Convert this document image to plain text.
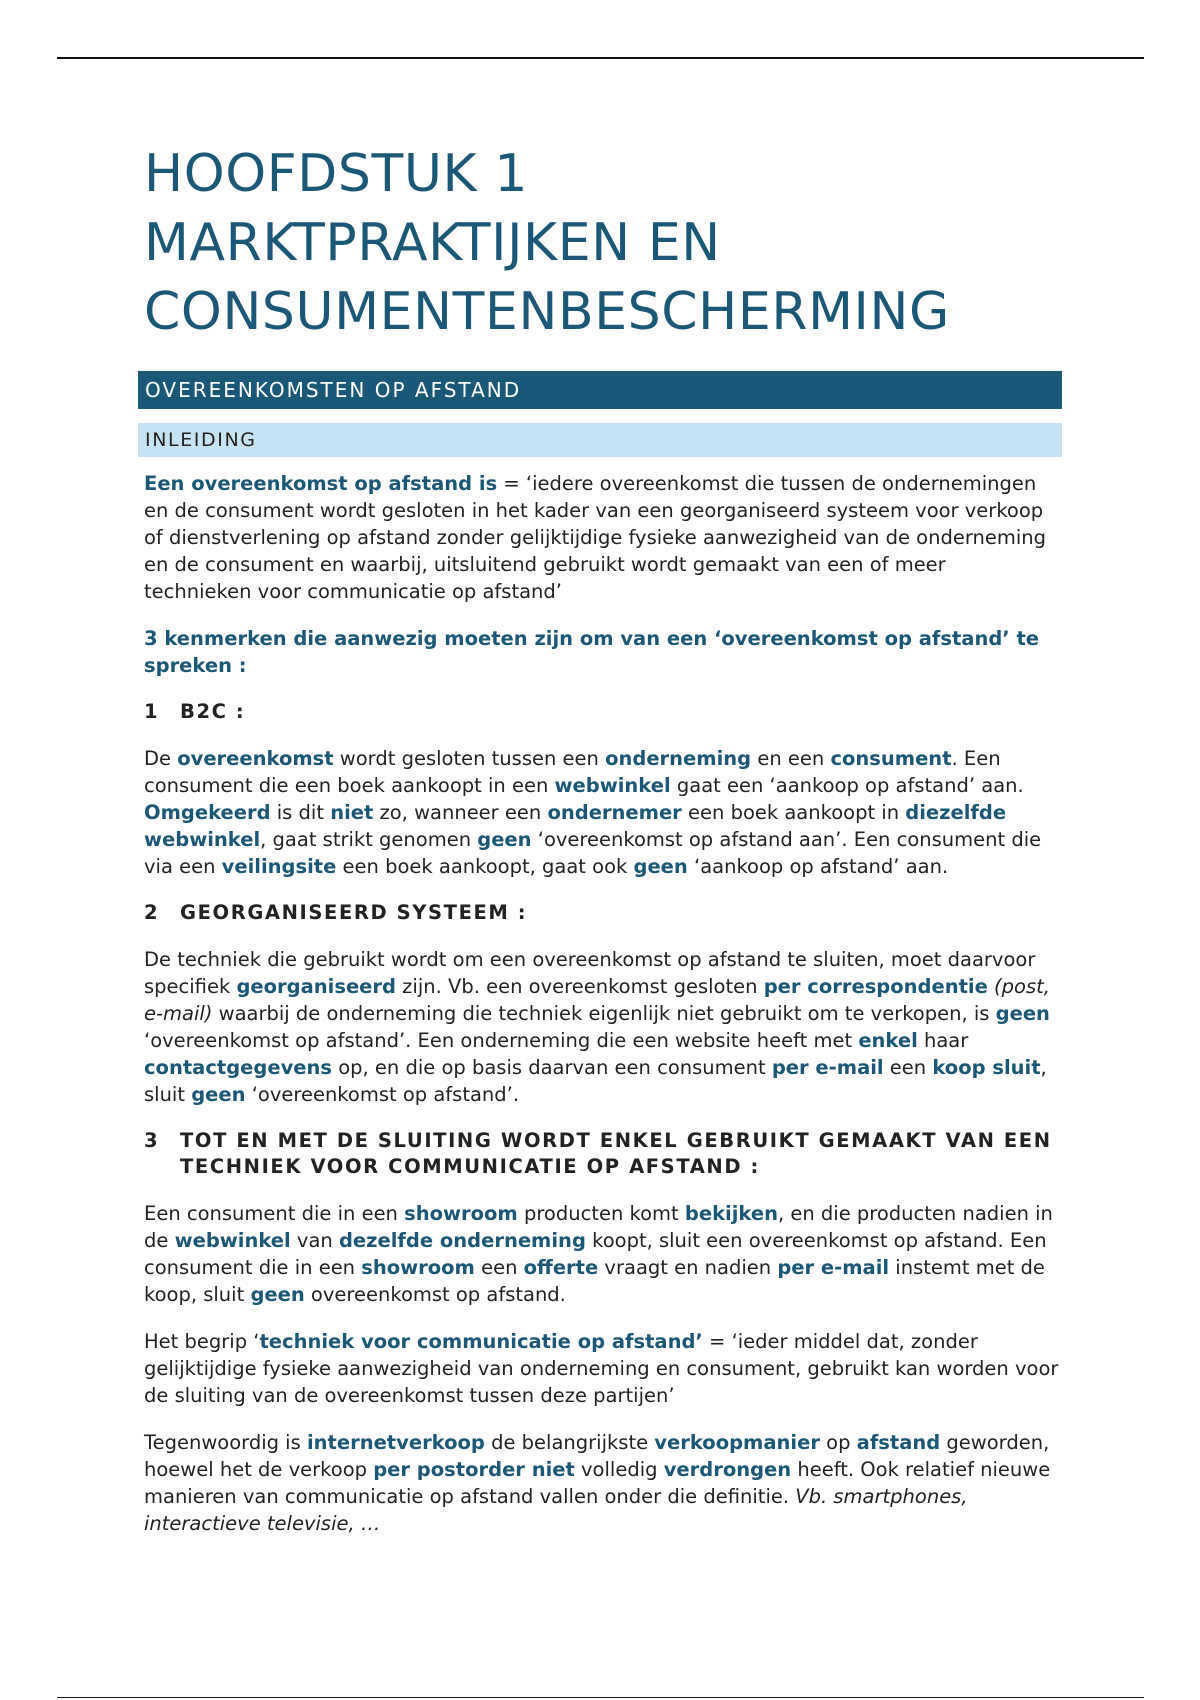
HOOFDSTUK 1
MARKTPRAKTIJKEN EN
CONSUMENTENBESCHERMING
OVEREENKOMSTEN OP AFSTAND
INLEIDING

Een overeenkomst op afstand is = ‘iedere overeenkomst die tussen de ondernemingen en de consument wordt gesloten in het kader van een georganiseerd systeem voor verkoop of dienstverlening op afstand zonder gelijktijdige fysieke aanwezigheid van de onderneming en de consument en waarbij, uitsluitend gebruikt wordt gemaakt van een of meer technieken voor communicatie op afstand’

3 kenmerken die aanwezig moeten zijn om van een ‘overeenkomst op afstand’ te spreken :

1	B2C :

De overeenkomst wordt gesloten tussen een onderneming en een consument. Een consument die een boek aankoopt in een webwinkel gaat een ‘aankoop op afstand’ aan. Omgekeerd is dit niet zo, wanneer een ondernemer een boek aankoopt in diezelfde webwinkel, gaat strikt genomen geen ‘overeenkomst op afstand aan’. Een consument die via een veilingsite een boek aankoopt, gaat ook geen ‘aankoop op afstand’ aan.

2	GEORGANISEERD SYSTEEM :

De techniek die gebruikt wordt om een overeenkomst op afstand te sluiten, moet daarvoor specifiek georganiseerd zijn. Vb. een overeenkomst gesloten per correspondentie (post, e-mail) waarbij de onderneming die techniek eigenlijk niet gebruikt om te verkopen, is geen ‘overeenkomst op afstand’. Een onderneming die een website heeft met enkel haar contactgegevens op, en die op basis daarvan een consument per e-mail een koop sluit, sluit geen ‘overeenkomst op afstand’.

3	TOT EN MET DE SLUITING WORDT ENKEL GEBRUIKT GEMAAKT VAN EEN TECHNIEK VOOR COMMUNICATIE OP AFSTAND :

Een consument die in een showroom producten komt bekijken, en die producten nadien in de webwinkel van dezelfde onderneming koopt, sluit een overeenkomst op afstand. Een consument die in een showroom een offerte vraagt en nadien per e-mail instemt met de koop, sluit geen overeenkomst op afstand.

Het begrip ‘techniek voor communicatie op afstand’ = ‘ieder middel dat, zonder gelijktijdige fysieke aanwezigheid van onderneming en consument, gebruikt kan worden voor de sluiting van de overeenkomst tussen deze partijen’

Tegenwoordig is internetverkoop de belangrijkste verkoopmanier op afstand geworden, hoewel het de verkoop per postorder niet volledig verdrongen heeft. Ook relatief nieuwe manieren van communicatie op afstand vallen onder die definitie. Vb. smartphones, interactieve televisie, …
